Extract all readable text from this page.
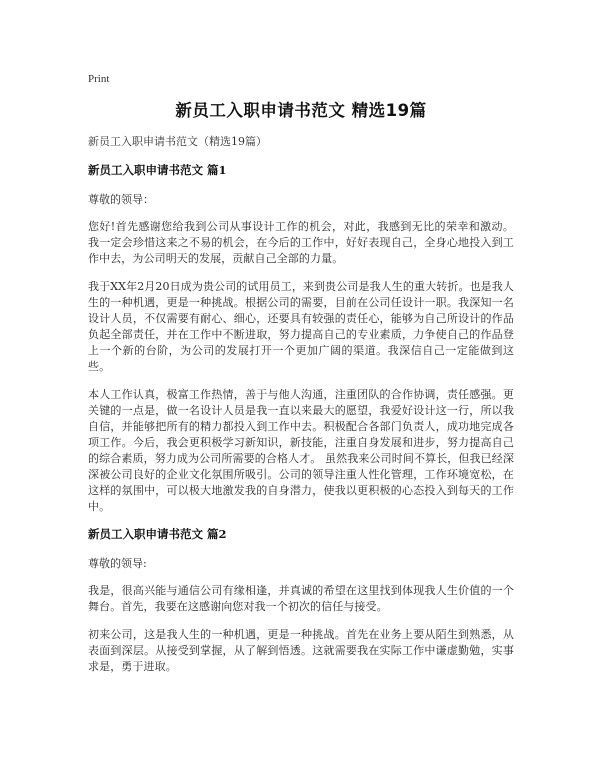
Print
新员工入职申请书范文 精选19篇
新员工入职申请书范文（精选19篇）
新员工入职申请书范文 篇1

尊敬的领导：

您好!首先感谢您给我到公司从事设计工作的机会，对此，我感到无比的荣幸和激动。我一定会珍惜这来之不易的机会，在今后的工作中，好好表现自己，全身心地投入到工作中去，为公司明天的发展，贡献自己全部的力量。

我于XX年2月20日成为贵公司的试用员工，来到贵公司是我人生的重大转折。也是我人生的一种机遇，更是一种挑战。根据公司的需要，目前在公司任设计一职。我深知一名设计人员，不仅需要有耐心、细心，还要具有较强的责任心，能够为自己所设计的作品负起全部责任，并在工作中不断进取，努力提高自己的专业素质，力争使自己的作品登上一个新的台阶，为公司的发展打开一个更加广阔的渠道。我深信自己一定能做到这些。

本人工作认真，极富工作热情，善于与他人沟通，注重团队的合作协调，责任感强。更关键的一点是，做一名设计人员是我一直以来最大的愿望，我爱好设计这一行，所以我自信，并能够把所有的精力都投入到工作中去。积极配合各部门负责人，成功地完成各项工作。今后，我会更积极学习新知识，新技能，注重自身发展和进步，努力提高自己的综合素质，努力成为公司所需要的合格人才。 虽然我来公司时间不算长，但我已经深深被公司良好的企业文化氛围所吸引。公司的领导注重人性化管理，工作环境宽松，在这样的氛围中，可以极大地激发我的自身潜力，使我以更积极的心态投入到每天的工作中。

新员工入职申请书范文 篇2

尊敬的领导:

我是，很高兴能与通信公司有缘相逢，并真诚的希望在这里找到体现我人生价值的一个舞台。首先，我要在这感谢向您对我一个初次的信任与接受。

初来公司，这是我人生的一种机遇，更是一种挑战。首先在业务上要从陌生到熟悉，从表面到深层。从接受到掌握，从了解到悟透。这就需要我在实际工作中谦虚勤勉，实事求是，勇于进取。
